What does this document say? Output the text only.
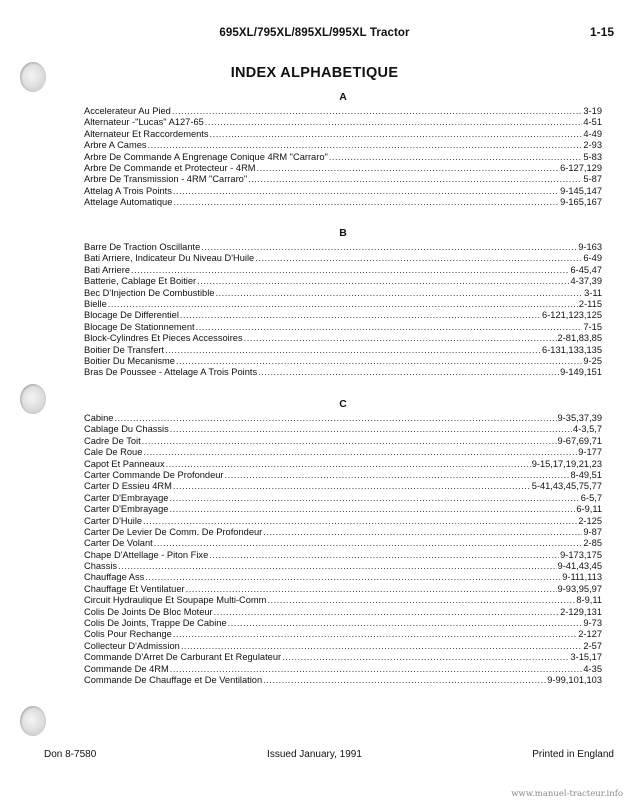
695XL/795XL/895XL/995XL Tractor	1-15
INDEX ALPHABETIQUE
A
Accelerateur Au Pied .....	3-19
Alternateur -"Lucas" A127-65 .....	4-51
Alternateur Et Raccordements .....	4-49
Arbre A Cames .....	2-93
Arbre De Commande A Engrenage Conique 4RM "Carraro" .....	5-83
Arbre De Commande et Protecteur - 4RM .....	6-127,129
Arbre De Transmission - 4RM "Carraro" .....	5-87
Attelag A Trois Points .....	9-145,147
Attelage Automatique .....	9-165,167
B
Barre De Traction Oscillante .....	9-163
Bati Arriere, Indicateur Du Niveau D'Huile .....	6-49
Bati Arriere .....	6-45,47
Batterie, Cablage Et Boitier .....	4-37,39
Bec D'Injection De Combustible .....	3-11
Bielle .....	2-115
Blocage De Differentiel .....	6-121,123,125
Blocage De Stationnement .....	7-15
Block-Cylindres Et Pieces Accessoires .....	2-81,83,85
Boitier De Transfert .....	6-131,133,135
Boitier Du Mecanisme .....	9-25
Bras De Poussee - Attelage A Trois Points .....	9-149,151
C
Cabine .....	9-35,37,39
Cablage Du Chassis .....	4-3,5,7
Cadre De Toit .....	9-67,69,71
Cale De Roue .....	9-177
Capot Et Panneaux .....	9-15,17,19,21,23
Carter Commande De Profondeur .....	8-49,51
Carter D Essieu 4RM .....	5-41,43,45,75,77
Carter D'Embrayage .....	6-5,7
Carter D'Embrayage .....	6-9,11
Carter D'Huile .....	2-125
Carter De Levier De Comm. De Profondeur .....	9-87
Carter De Volant .....	2-85
Chape D'Attellage - Piton Fixe .....	9-173,175
Chassis .....	9-41,43,45
Chauffage Ass .....	9-111,113
Chauffage Et Ventilatuer .....	9-93,95,97
Circuit Hydraulique Et Soupape Multi-Comm .....	8-9,11
Colis De Joints De Bloc Moteur .....	2-129,131
Colis De Joints, Trappe De Cabine .....	9-73
Colis Pour Rechange .....	2-127
Collecteur D'Admission .....	2-57
Commande D'Arret De Carburant Et Regulateur .....	3-15,17
Commande De 4RM .....	4-35
Commande De Chauffage et De Ventilation .....	9-99,101,103
Don 8-7580	Issued January, 1991	Printed in England
www.manuel-tracteur.info
